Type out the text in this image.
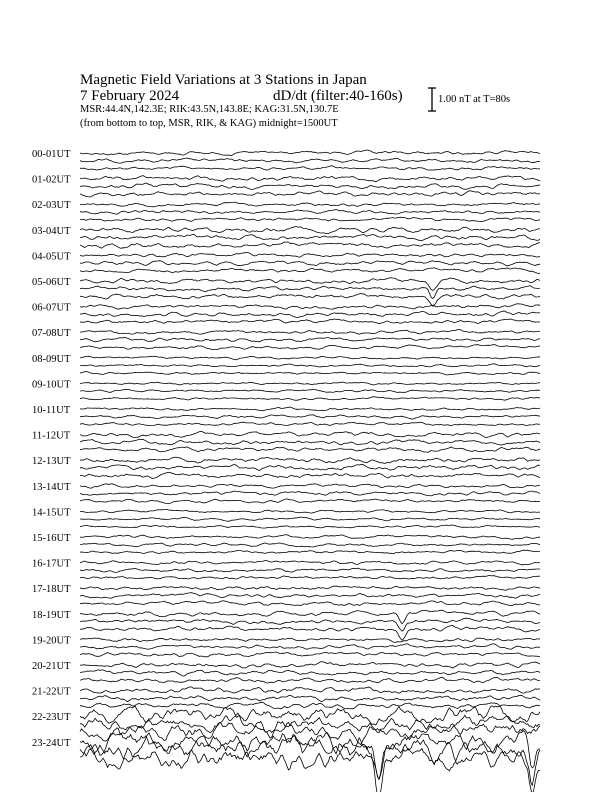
Magnetic Field Variations at 3 Stations in Japan
7 February 2024	dD/dt (filter:40-160s)
MSR:44.4N,142.3E; RIK:43.5N,143.8E; KAG:31.5N,130.7E
(from bottom to top, MSR, RIK, & KAG) midnight=1500UT
1.00 nT at T=80s
00-01UT
01-02UT
02-03UT
03-04UT
04-05UT
05-06UT
06-07UT
07-08UT
08-09UT
09-10UT
10-11UT
11-12UT
12-13UT
13-14UT
14-15UT
15-16UT
16-17UT
17-18UT
18-19UT
19-20UT
20-21UT
21-22UT
22-23UT
23-24UT
